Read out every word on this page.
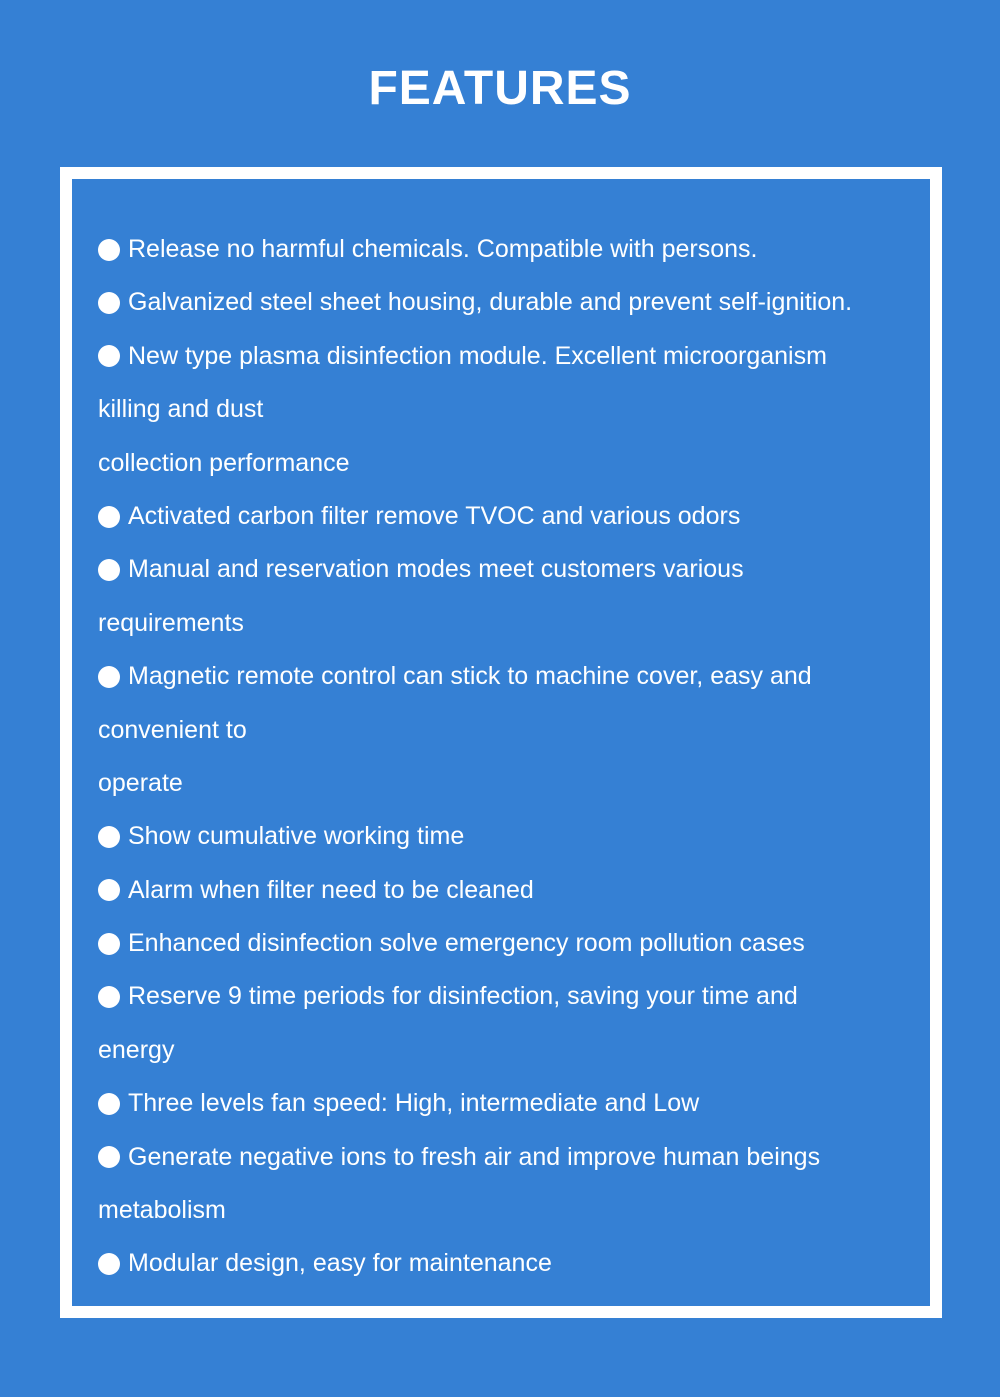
FEATURES
Release no harmful chemicals. Compatible with persons.
Galvanized steel sheet housing, durable and prevent self-ignition.
New type plasma disinfection module. Excellent microorganism
killing and dust
collection performance
Activated carbon filter remove TVOC and various odors
Manual and reservation modes meet customers various
requirements
Magnetic remote control can stick to machine cover, easy and
convenient to
operate
Show cumulative working time
Alarm when filter need to be cleaned
Enhanced disinfection solve emergency room pollution cases
Reserve 9 time periods for disinfection, saving your time and
energy
Three levels fan speed: High, intermediate and Low
Generate negative ions to fresh air and improve human beings
metabolism
Modular design, easy for maintenance
